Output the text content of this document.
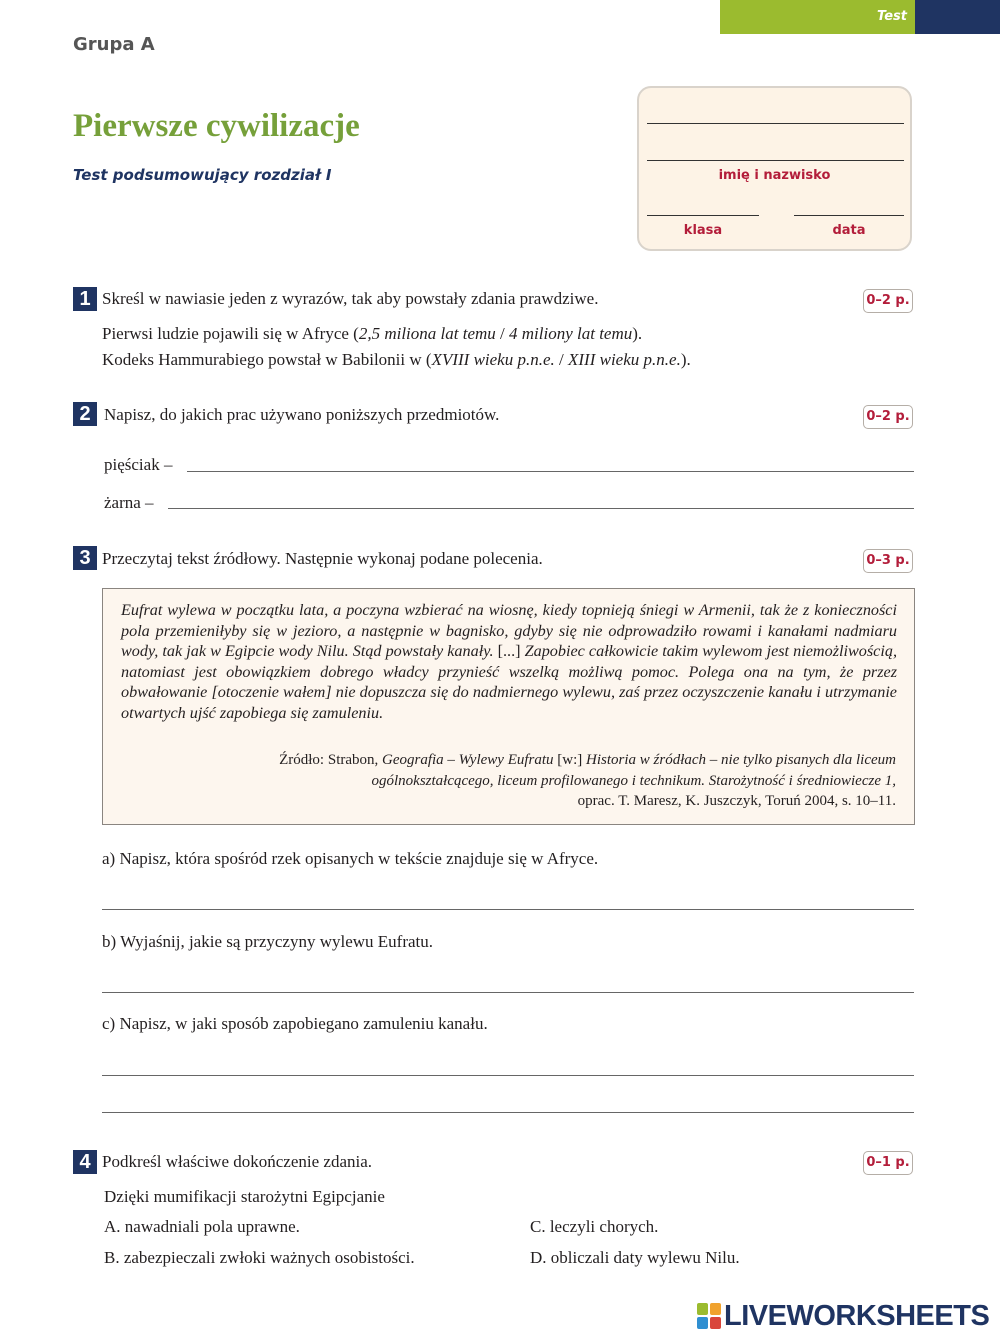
Test
Grupa A
Pierwsze cywilizacje
Test podsumowujący rozdział I	imię i nazwisko
klasa	data
1 Skreśl w nawiasie jeden z wyrazów, tak aby powstały zdania prawdziwe.	0–2 p.
Pierwsi ludzie pojawili się w Afryce (2,5 miliona lat temu / 4 miliony lat temu).
Kodeks Hammurabiego powstał w Babilonii w (XVIII wieku p.n.e. / XIII wieku p.n.e.).
2 Napisz, do jakich prac używano poniższych przedmiotów.	0–2 p.
pięściak –
żarna –
3 Przeczytaj tekst źródłowy. Następnie wykonaj podane polecenia.	0–3 p.
Eufrat wylewa w początku lata, a poczyna wzbierać na wiosnę, kiedy topnieją śniegi w Armenii, tak że z konieczności pola przemieniłyby się w jezioro, a następnie w bagnisko, gdyby się nie odprowadziło rowami i kanałami nadmiaru wody, tak jak w Egipcie wody Nilu. Stąd powstały kanały. [...] Zapobiec całkowicie takim wylewom jest niemożliwością, natomiast jest obowiązkiem dobrego władcy przynieść wszelką możliwą pomoc. Polega ona na tym, że przez obwałowanie [otoczenie wałem] nie dopuszcza się do nadmiernego wylewu, zaś przez oczyszczenie kanału i utrzymanie otwartych ujść zapobiega się zamuleniu.
Źródło: Strabon, Geografia – Wylewy Eufratu [w:] Historia w źródłach – nie tylko pisanych dla liceum ogólnokształcącego, liceum profilowanego i technikum. Starożytność i średniowiecze 1,
oprac. T. Maresz, K. Juszczyk, Toruń 2004, s. 10–11.
a) Napisz, która spośród rzek opisanych w tekście znajduje się w Afryce.
b) Wyjaśnij, jakie są przyczyny wylewu Eufratu.
c) Napisz, w jaki sposób zapobiegano zamuleniu kanału.
4 Podkreśl właściwe dokończenie zdania.	0–1 p.
Dzięki mumifikacji starożytni Egipcjanie
A. nawadniali pola uprawne.
B. zabezpieczali zwłoki ważnych osobistości.
C. leczyli chorych.
D. obliczali daty wylewu Nilu.
LIVEWORKSHEETS
